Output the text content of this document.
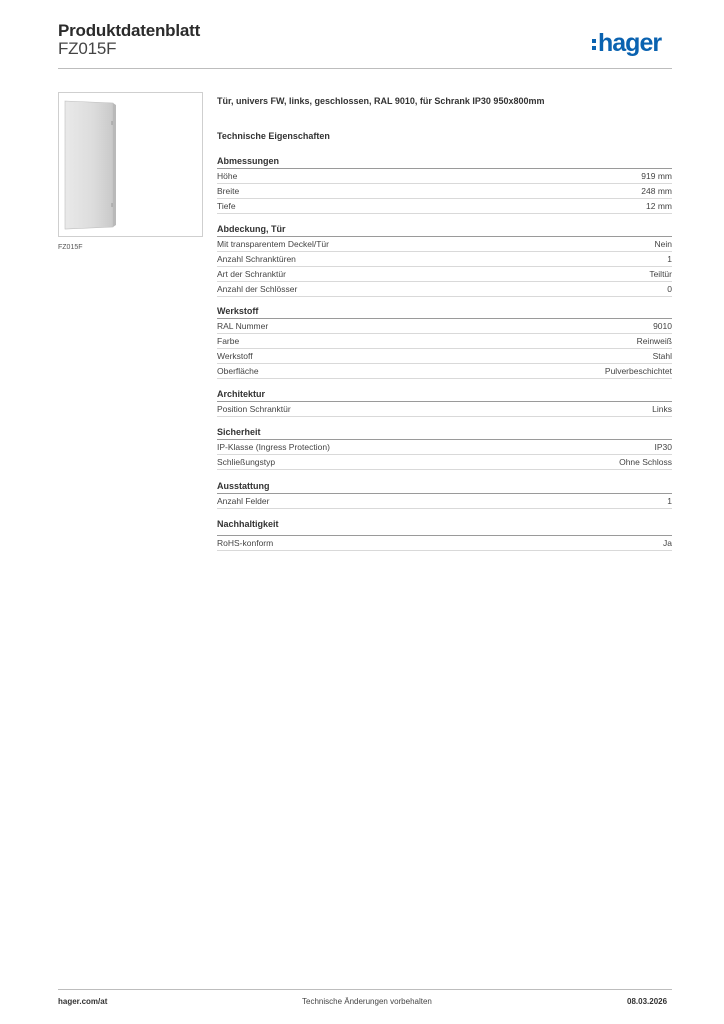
Produktdatenblatt
FZ015F	hager
FZ015F
Tür, univers FW, links, geschlossen, RAL 9010, für Schrank IP30 950x800mm
Technische Eigenschaften
Abmessungen
Höhe	919 mm
Breite	248 mm
Tiefe	12 mm
Abdeckung, Tür
Mit transparentem Deckel/Tür	Nein
Anzahl Schranktüren	1
Art der Schranktür	Teiltür
Anzahl der Schlösser	0
Werkstoff
RAL Nummer	9010
Farbe	Reinweiß
Werkstoff	Stahl
Oberfläche	Pulverbeschichtet
Architektur
Position Schranktür	Links
Sicherheit
IP-Klasse (Ingress Protection)	IP30
Schließungstyp	Ohne Schloss
Ausstattung
Anzahl Felder	1
Nachhaltigkeit
RoHS-konform	Ja
hager.com/at	Technische Änderungen vorbehalten	08.03.2026
